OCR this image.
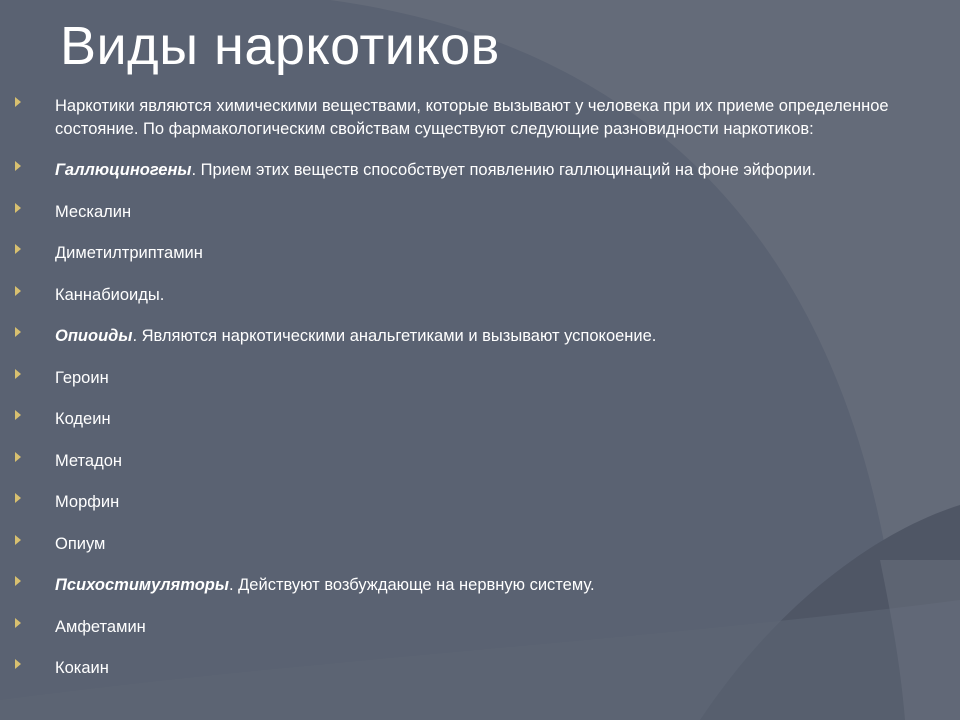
Виды наркотиков
Наркотики являются химическими веществами, которые вызывают у человека при их приеме определенное состояние. По фармакологическим свойствам существуют следующие разновидности наркотиков:
Галлюциногены. Прием этих веществ способствует появлению галлюцинаций на фоне эйфории.
Мескалин
Диметилтриптамин
Каннабиоиды.
Опиоиды. Являются наркотическими анальгетиками и вызывают успокоение.
Героин
Кодеин
Метадон
Морфин
Опиум
Психостимуляторы. Действуют возбуждающе на нервную систему.
Амфетамин
Кокаин
